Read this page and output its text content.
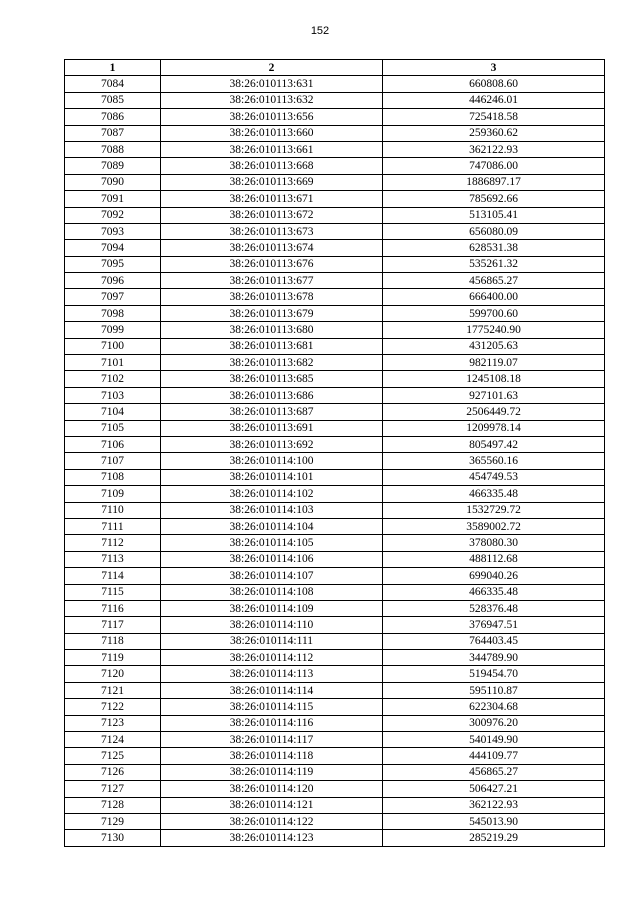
152
1	2	3
7084	38:26:010113:631	660808.60
7085	38:26:010113:632	446246.01
7086	38:26:010113:656	725418.58
7087	38:26:010113:660	259360.62
7088	38:26:010113:661	362122.93
7089	38:26:010113:668	747086.00
7090	38:26:010113:669	1886897.17
7091	38:26:010113:671	785692.66
7092	38:26:010113:672	513105.41
7093	38:26:010113:673	656080.09
7094	38:26:010113:674	628531.38
7095	38:26:010113:676	535261.32
7096	38:26:010113:677	456865.27
7097	38:26:010113:678	666400.00
7098	38:26:010113:679	599700.60
7099	38:26:010113:680	1775240.90
7100	38:26:010113:681	431205.63
7101	38:26:010113:682	982119.07
7102	38:26:010113:685	1245108.18
7103	38:26:010113:686	927101.63
7104	38:26:010113:687	2506449.72
7105	38:26:010113:691	1209978.14
7106	38:26:010113:692	805497.42
7107	38:26:010114:100	365560.16
7108	38:26:010114:101	454749.53
7109	38:26:010114:102	466335.48
7110	38:26:010114:103	1532729.72
7111	38:26:010114:104	3589002.72
7112	38:26:010114:105	378080.30
7113	38:26:010114:106	488112.68
7114	38:26:010114:107	699040.26
7115	38:26:010114:108	466335.48
7116	38:26:010114:109	528376.48
7117	38:26:010114:110	376947.51
7118	38:26:010114:111	764403.45
7119	38:26:010114:112	344789.90
7120	38:26:010114:113	519454.70
7121	38:26:010114:114	595110.87
7122	38:26:010114:115	622304.68
7123	38:26:010114:116	300976.20
7124	38:26:010114:117	540149.90
7125	38:26:010114:118	444109.77
7126	38:26:010114:119	456865.27
7127	38:26:010114:120	506427.21
7128	38:26:010114:121	362122.93
7129	38:26:010114:122	545013.90
7130	38:26:010114:123	285219.29
